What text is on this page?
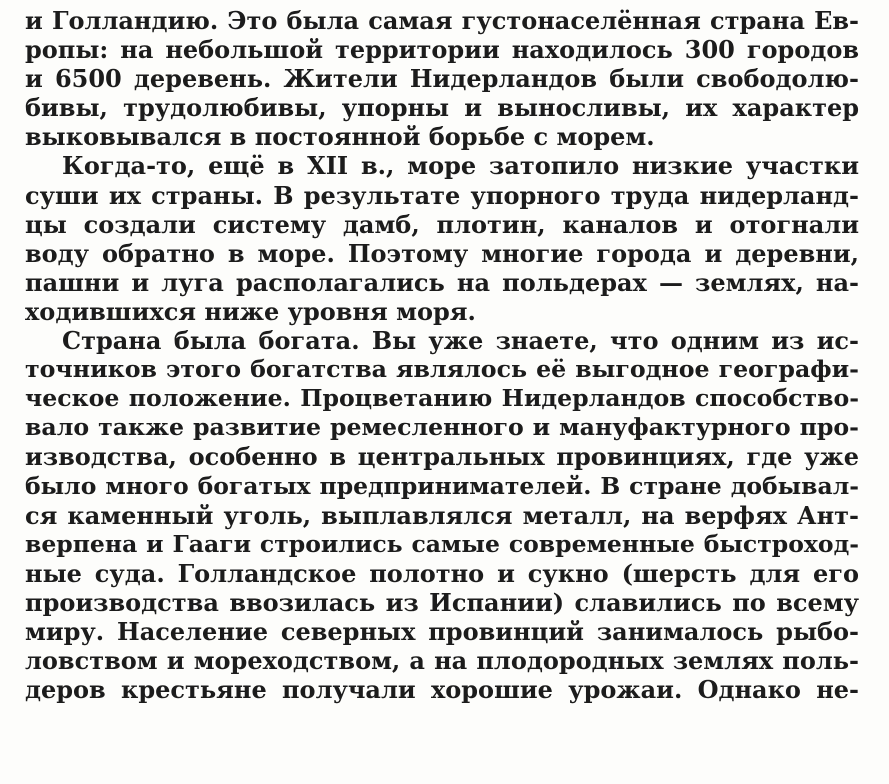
и Голландию. Это была самая густонаселённая страна Ев-
ропы: на небольшой территории находилось 300 городов
и 6500 деревень. Жители Нидерландов были свободолю-
бивы, трудолюбивы, упорны и выносливы, их характер
выковывался в постоянной борьбе с морем.
Когда-то, ещё в XII в., море затопило низкие участки
суши их страны. В результате упорного труда нидерланд-
цы создали систему дамб, плотин, каналов и отогнали
воду обратно в море. Поэтому многие города и деревни,
пашни и луга располагались на польдерах — землях, на-
ходившихся ниже уровня моря.
Страна была богата. Вы уже знаете, что одним из ис-
точников этого богатства являлось её выгодное географи-
ческое положение. Процветанию Нидерландов способство-
вало также развитие ремесленного и мануфактурного про-
изводства, особенно в центральных провинциях, где уже
было много богатых предпринимателей. В стране добывал-
ся каменный уголь, выплавлялся металл, на верфях Ант-
верпена и Гааги строились самые современные быстроход-
ные суда. Голландское полотно и сукно (шерсть для его
производства ввозилась из Испании) славились по всему
миру. Население северных провинций занималось рыбо-
ловством и мореходством, а на плодородных землях поль-
деров крестьяне получали хорошие урожаи. Однако не-
